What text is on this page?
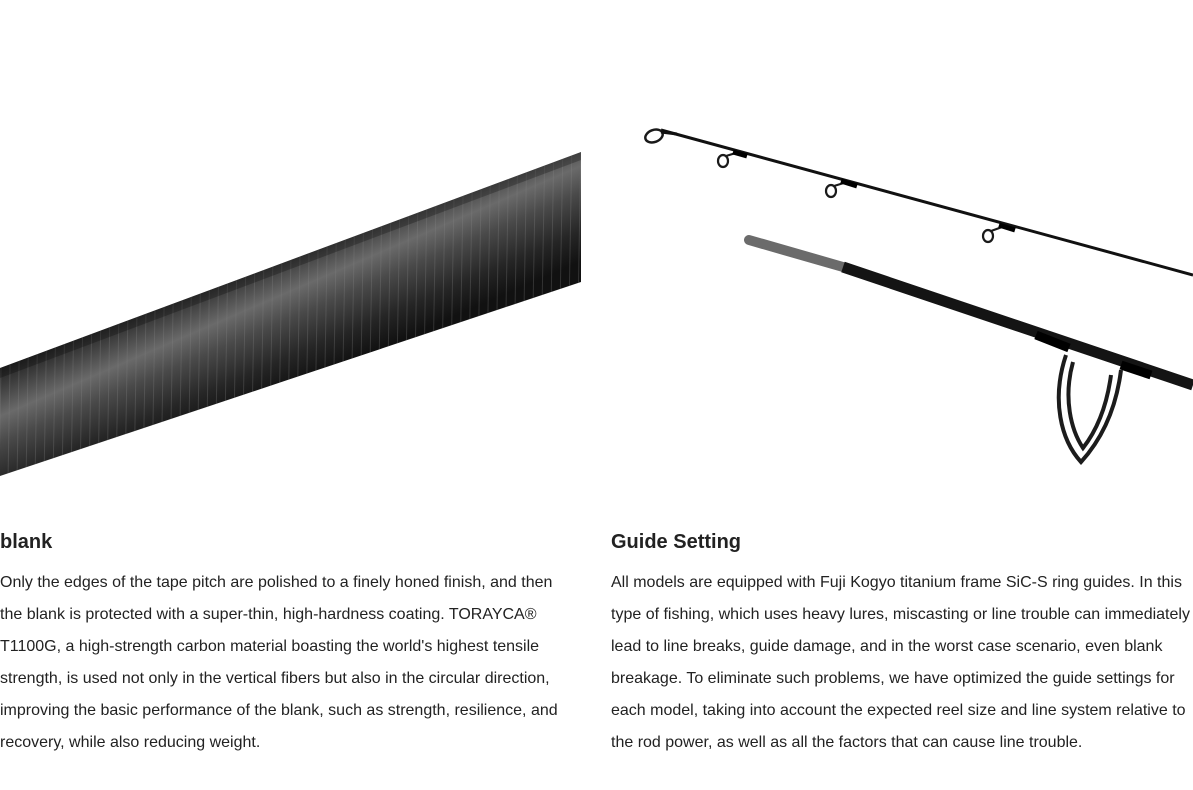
blank

Only the edges of the tape pitch are polished to a finely honed finish, and then the blank is protected with a super-thin, high-hardness coating. TORAYCA® T1100G, a high-strength carbon material boasting the world's highest tensile strength, is used not only in the vertical fibers but also in the circular direction, improving the basic performance of the blank, such as strength, resilience, and recovery, while also reducing weight.

Guide Setting

All models are equipped with Fuji Kogyo titanium frame SiC-S ring guides. In this type of fishing, which uses heavy lures, miscasting or line trouble can immediately lead to line breaks, guide damage, and in the worst case scenario, even blank breakage. To eliminate such problems, we have optimized the guide settings for each model, taking into account the expected reel size and line system relative to the rod power, as well as all the factors that can cause line trouble.
